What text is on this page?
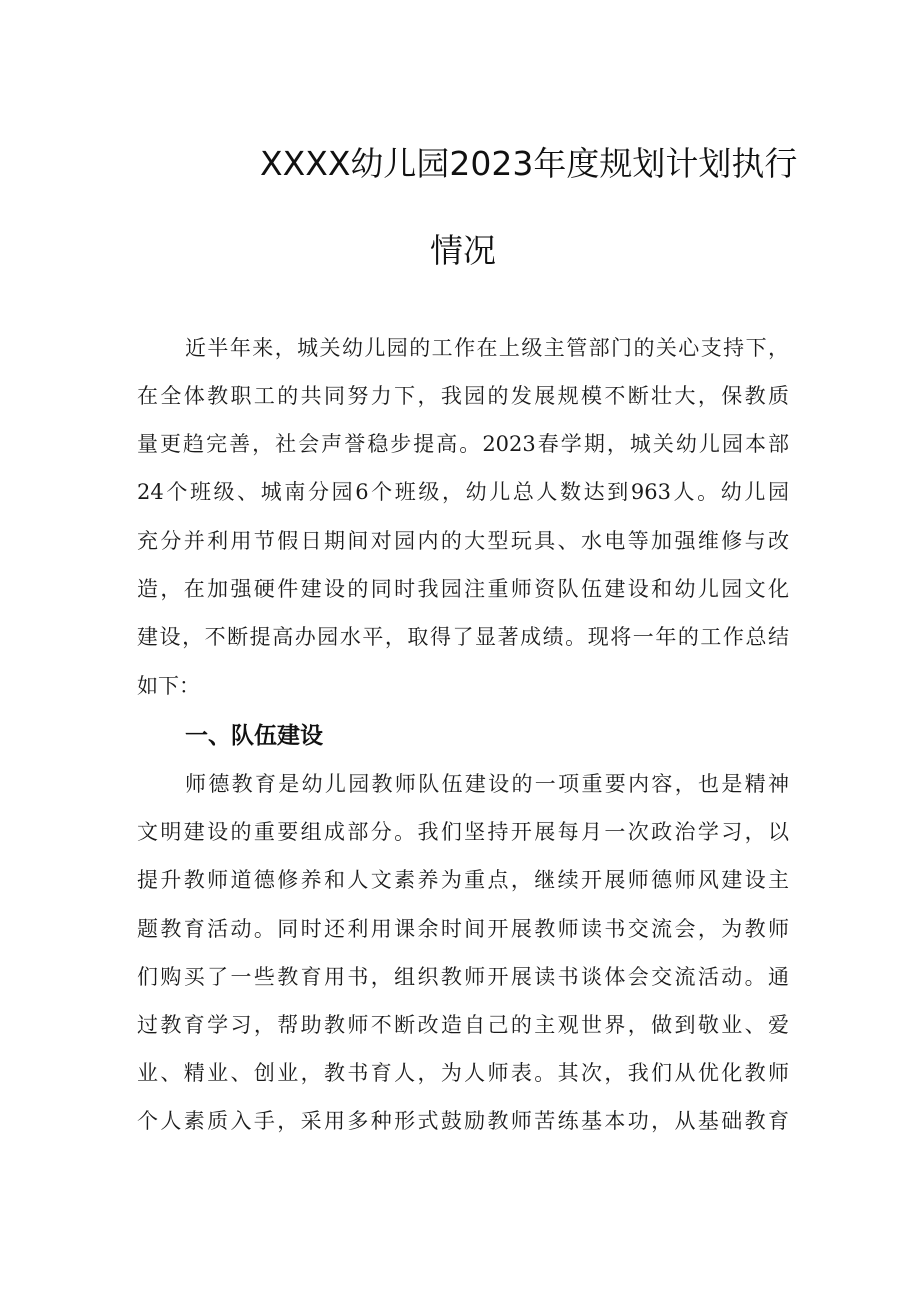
XXXX幼儿园2023年度规划计划执行
情况
近半年来，城关幼儿园的工作在上级主管部门的关心支持下，
在全体教职工的共同努力下，我园的发展规模不断壮大，保教质
量更趋完善，社会声誉稳步提高。2023春学期，城关幼儿园本部
24个班级、城南分园6个班级，幼儿总人数达到963人。幼儿园
充分并利用节假日期间对园内的大型玩具、水电等加强维修与改
造，在加强硬件建设的同时我园注重师资队伍建设和幼儿园文化
建设，不断提高办园水平，取得了显著成绩。现将一年的工作总结
如下：
一、队伍建设
师德教育是幼儿园教师队伍建设的一项重要内容，也是精神
文明建设的重要组成部分。我们坚持开展每月一次政治学习，以
提升教师道德修养和人文素养为重点，继续开展师德师风建设主
题教育活动。同时还利用课余时间开展教师读书交流会，为教师
们购买了一些教育用书，组织教师开展读书谈体会交流活动。通
过教育学习，帮助教师不断改造自己的主观世界，做到敬业、爱
业、精业、创业，教书育人，为人师表。其次，我们从优化教师
个人素质入手，采用多种形式鼓励教师苦练基本功，从基础教育
